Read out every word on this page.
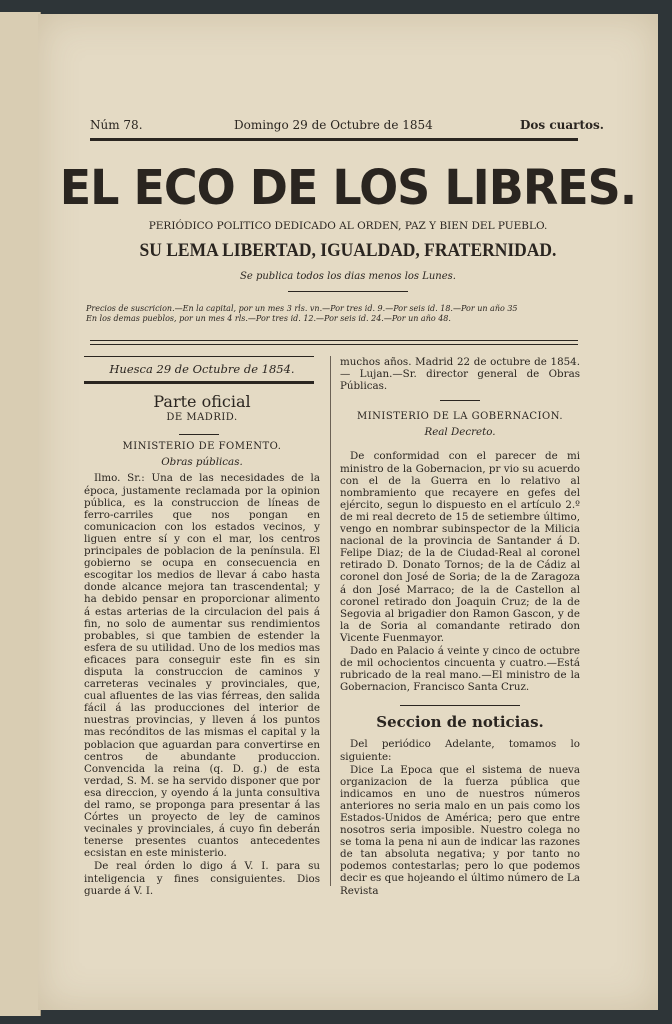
Núm 78.	Domingo 29 de Octubre de 1854	Dos cuartos.
EL ECO DE LOS LIBRES.
PERIÓDICO POLITICO DEDICADO AL ORDEN, PAZ Y BIEN DEL PUEBLO.
SU LEMA LIBERTAD, IGUALDAD, FRATERNIDAD.
Se publica todos los dias menos los Lunes.
Precios de suscricion.—En la capital, por un mes 3 rls. vn.—Por tres id. 9.—Por seis id. 18.—Por un año 35
En los demas pueblos, por un mes 4 rls.—Por tres id. 12.—Por seis id. 24.—Por un año 48.
Huesca 29 de Octubre de 1854.
Parte oficial
DE MADRID.
MINISTERIO DE FOMENTO.
Obras públicas.

Ilmo. Sr.: Una de las necesidades de la época, justamente reclamada por la opinion pública, es la construccion de líneas de ferro-carriles que nos pongan en comunicacion con los estados vecinos, y liguen entre sí y con el mar, los centros principales de poblacion de la península. El gobierno se ocupa en consecuencia en escogitar los medios de llevar á cabo hasta donde alcance mejora tan trascendental; y ha debido pensar en proporcionar alimento á estas arterias de la circulacion del pais á fin, no solo de aumentar sus rendimientos probables, si que tambien de estender la esfera de su utilidad. Uno de los medios mas eficaces para conseguir este fin es sin disputa la construccion de caminos y carreteras vecinales y provinciales, que, cual afluentes de las vias férreas, den salida fácil á las producciones del interior de nuestras provincias, y lleven á los puntos mas recónditos de las mismas el capital y la poblacion que aguardan para convertirse en centros de abundante produccion. Convencida la reina (q. D. g.) de esta verdad, S. M. se ha servido disponer que por esa direccion, y oyendo á la junta consultiva del ramo, se proponga para presentar á las Córtes un proyecto de ley de caminos vecinales y provinciales, á cuyo fin deberán tenerse presentes cuantos antecedentes ecsistan en este ministerio.

De real órden lo digo á V. I. para su inteligencia y fines consiguientes. Dios guarde á V. I.

muchos años. Madrid 22 de octubre de 1854.— Lujan.—Sr. director general de Obras Públicas.

MINISTERIO DE LA GOBERNACION.
Real Decreto.

De conformidad con el parecer de mi ministro de la Gobernacion, pr vio su acuerdo con el de la Guerra en lo relativo al nombramiento que recayere en gefes del ejército, segun lo dispuesto en el artículo 2.º de mi real decreto de 15 de setiembre último, vengo en nombrar subinspector de la Milicia nacional de la provincia de Santander á D. Felipe Diaz; de la de Ciudad-Real al coronel retirado D. Donato Tornos; de la de Cádiz al coronel don José de Soria; de la de Zaragoza á don José Marraco; de la de Castellon al coronel retirado don Joaquin Cruz; de la de Segovia al brigadier don Ramon Gascon, y de la de Soria al comandante retirado don Vicente Fuenmayor.

Dado en Palacio á veinte y cinco de octubre de mil ochocientos cincuenta y cuatro.—Está rubricado de la real mano.—El ministro de la Gobernacion, Francisco Santa Cruz.

Seccion de noticias.

Del periódico Adelante, tomamos lo siguiente:

Dice La Epoca que el sistema de nueva organizacion de la fuerza pública que indicamos en uno de nuestros números anteriores no seria malo en un pais como los Estados-Unidos de América; pero que entre nosotros seria imposible. Nuestro colega no se toma la pena ni aun de indicar las razones de tan absoluta negativa; y por tanto no podemos contestarlas; pero lo que podemos decir es que hojeando el último número de La Revista
